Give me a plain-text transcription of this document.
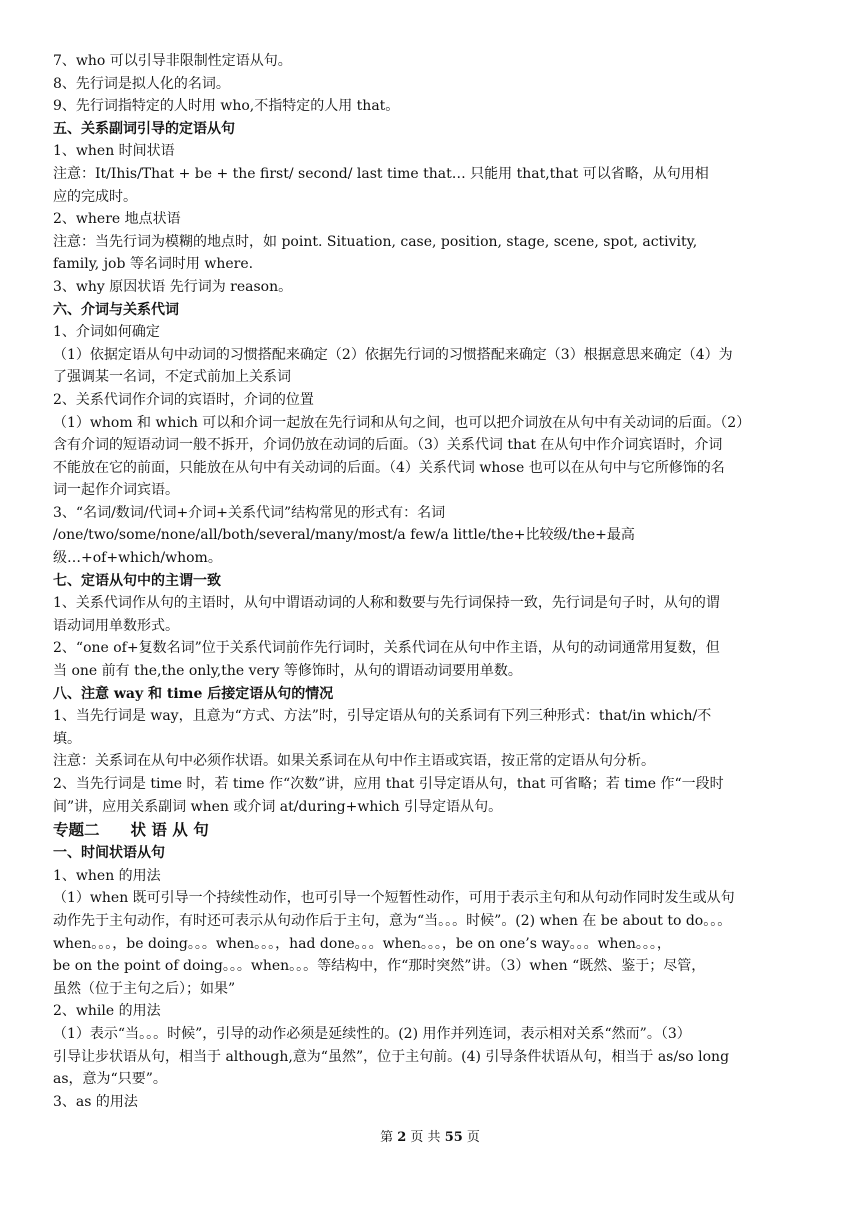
7、who 可以引导非限制性定语从句。
8、先行词是拟人化的名词。
9、先行词指特定的人时用 who,不指特定的人用 that。
五、关系副词引导的定语从句
1、when 时间状语
注意：It/Ihis/That + be + the first/ second/ last time that… 只能用 that,that 可以省略，从句用相
应的完成时。
2、where 地点状语
注意：当先行词为模糊的地点时，如 point. Situation, case, position, stage, scene, spot, activity,
family, job 等名词时用 where.
3、why 原因状语 先行词为 reason。
六、介词与关系代词
1、介词如何确定
（1）依据定语从句中动词的习惯搭配来确定（2）依据先行词的习惯搭配来确定（3）根据意思来确定（4）为
了强调某一名词，不定式前加上关系词
2、关系代词作介词的宾语时，介词的位置
（1）whom 和 which 可以和介词一起放在先行词和从句之间，也可以把介词放在从句中有关动词的后面。（2）
含有介词的短语动词一般不拆开，介词仍放在动词的后面。（3）关系代词 that 在从句中作介词宾语时，介词
不能放在它的前面，只能放在从句中有关动词的后面。（4）关系代词 whose 也可以在从句中与它所修饰的名
词一起作介词宾语。
3、“名词/数词/代词+介词+关系代词”结构常见的形式有：名词
/one/two/some/none/all/both/several/many/most/a few/a little/the+比较级/the+最高
级…+of+which/whom。
七、定语从句中的主谓一致
1、关系代词作从句的主语时，从句中谓语动词的人称和数要与先行词保持一致，先行词是句子时，从句的谓
语动词用单数形式。
2、“one of+复数名词”位于关系代词前作先行词时，关系代词在从句中作主语，从句的动词通常用复数，但
当 one 前有 the,the only,the very 等修饰时，从句的谓语动词要用单数。
八、注意 way 和 time 后接定语从句的情况
1、当先行词是 way，且意为“方式、方法”时，引导定语从句的关系词有下列三种形式：that/in which/不
填。
注意：关系词在从句中必须作状语。如果关系词在从句中作主语或宾语，按正常的定语从句分析。
2、当先行词是 time 时，若 time 作“次数”讲，应用 that 引导定语从句，that 可省略；若 time 作“一段时
间”讲，应用关系副词 when 或介词 at/during+which 引导定语从句。
专题二　　状 语 从 句
一、时间状语从句
1、when 的用法
（1）when 既可引导一个持续性动作，也可引导一个短暂性动作，可用于表示主句和从句动作同时发生或从句
动作先于主句动作，有时还可表示从句动作后于主句，意为“当。。。时候”。(2) when 在 be about to do。。。
when。。。，be doing。。。when。。。，had done。。。when。。。，be on one’s way。。。when。。。，
be on the point of doing。。。when。。。等结构中，作“那时突然”讲。（3）when “既然、鉴于；尽管，
虽然（位于主句之后）；如果”
2、while 的用法
（1）表示“当。。。时候”，引导的动作必须是延续性的。(2) 用作并列连词，表示相对关系“然而”。（3）
引导让步状语从句，相当于 although,意为“虽然”，位于主句前。(4) 引导条件状语从句，相当于 as/so long
as，意为“只要”。
3、as 的用法
第 2 页 共 55 页
